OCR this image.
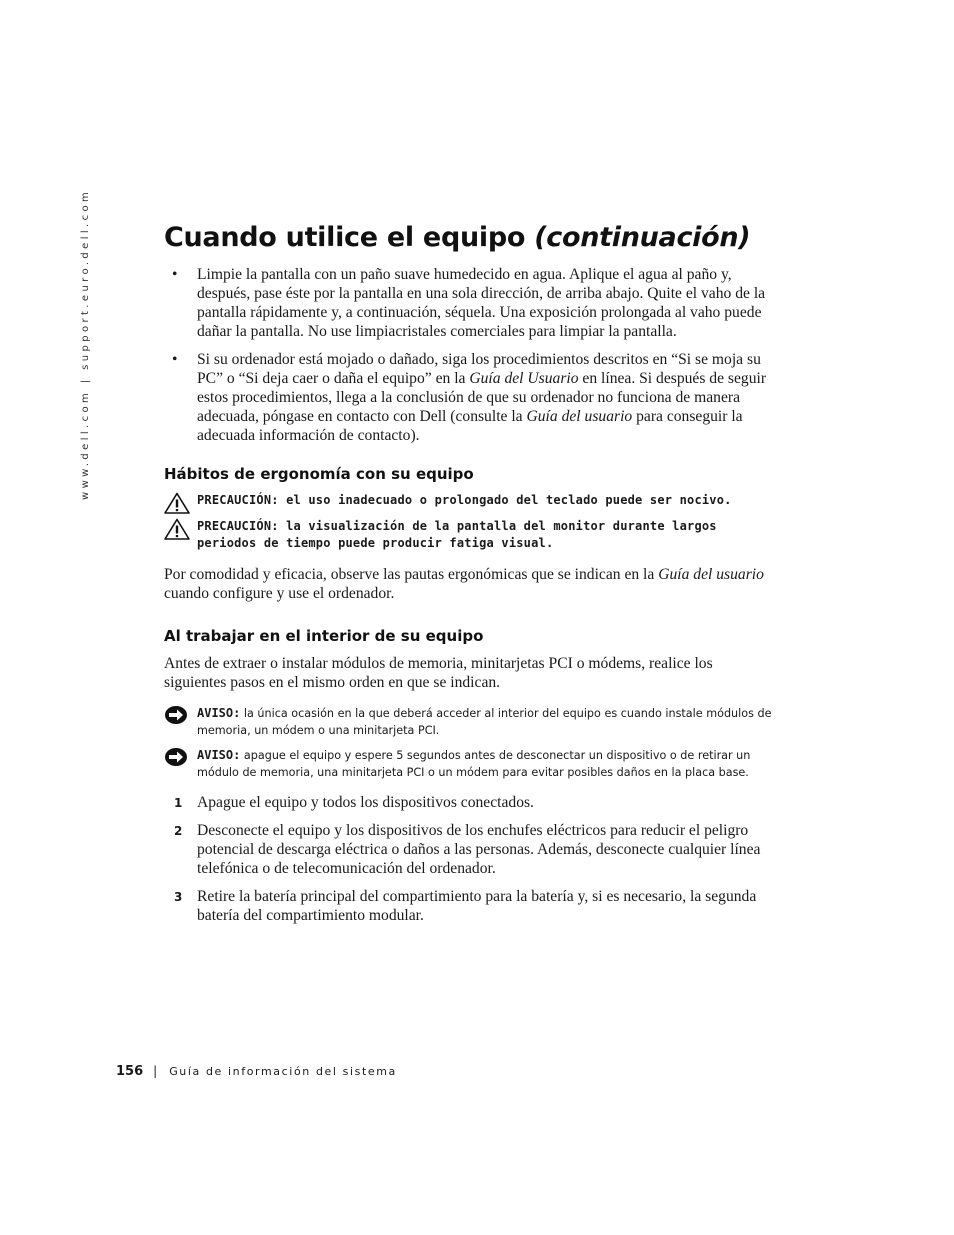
www.dell.com | support.euro.dell.com	Cuando utilice el equipo (continuación)
• Limpie la pantalla con un paño suave humedecido en agua. Aplique el agua al paño y, después, pase éste por la pantalla en una sola dirección, de arriba abajo. Quite el vaho de la pantalla rápidamente y, a continuación, séquela. Una exposición prolongada al vaho puede dañar la pantalla. No use limpiacristales comerciales para limpiar la pantalla.
• Si su ordenador está mojado o dañado, siga los procedimientos descritos en “Si se moja su PC” o “Si deja caer o daña el equipo” en la Guía del Usuario en línea. Si después de seguir estos procedimientos, llega a la conclusión de que su ordenador no funciona de manera adecuada, póngase en contacto con Dell (consulte la Guía del usuario para conseguir la adecuada información de contacto).
Hábitos de ergonomía con su equipo
PRECAUCIÓN: el uso inadecuado o prolongado del teclado puede ser nocivo.
PRECAUCIÓN: la visualización de la pantalla del monitor durante largos periodos de tiempo puede producir fatiga visual.

Por comodidad y eficacia, observe las pautas ergonómicas que se indican en la Guía del usuario cuando configure y use el ordenador.

Al trabajar en el interior de su equipo

Antes de extraer o instalar módulos de memoria, minitarjetas PCI o módems, realice los siguientes pasos en el mismo orden en que se indican.

AVISO: la única ocasión en la que deberá acceder al interior del equipo es cuando instale módulos de memoria, un módem o una minitarjeta PCI.
AVISO: apague el equipo y espere 5 segundos antes de desconectar un dispositivo o de retirar un módulo de memoria, una minitarjeta PCI o un módem para evitar posibles daños en la placa base.
1 Apague el equipo y todos los dispositivos conectados.
2 Desconecte el equipo y los dispositivos de los enchufes eléctricos para reducir el peligro potencial de descarga eléctrica o daños a las personas. Además, desconecte cualquier línea telefónica o de telecomunicación del ordenador.
3 Retire la batería principal del compartimiento para la batería y, si es necesario, la segunda batería del compartimiento modular.
156 | Guía de información del sistema
